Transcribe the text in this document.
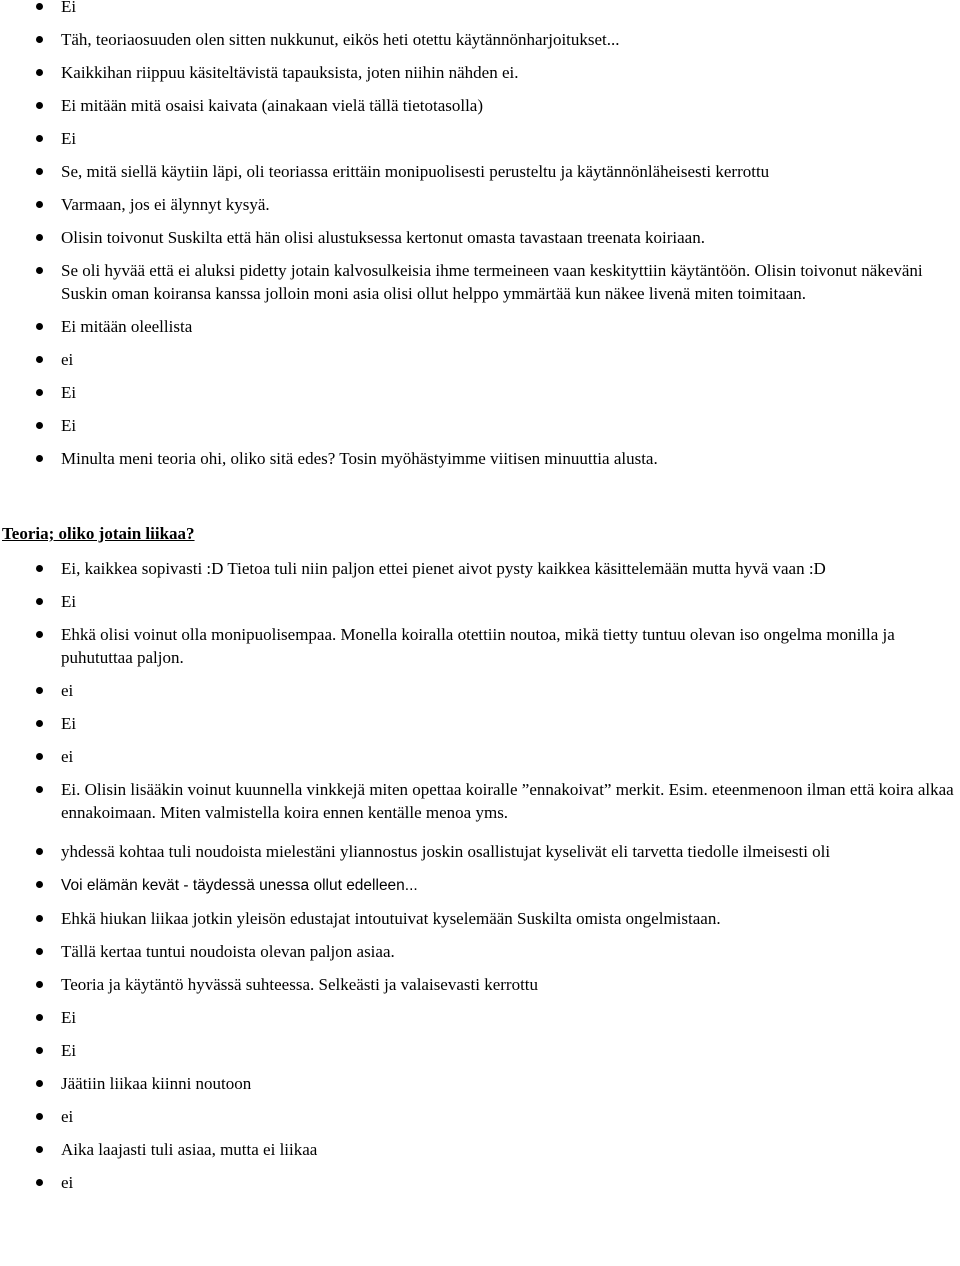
Ei
Täh, teoriaosuuden olen sitten nukkunut, eikös heti otettu käytännönharjoitukset...
Kaikkihan riippuu käsiteltävistä tapauksista, joten niihin nähden ei.
Ei mitään mitä osaisi kaivata (ainakaan vielä tällä tietotasolla)
Ei
Se, mitä siellä käytiin läpi, oli teoriassa erittäin monipuolisesti perusteltu ja käytännönläheisesti kerrottu
Varmaan, jos ei älynnyt kysyä.
Olisin toivonut Suskilta että hän olisi alustuksessa kertonut omasta tavastaan treenata koiriaan.
Se oli hyvää että ei aluksi pidetty jotain kalvosulkeisia ihme termeineen vaan keskityttiin käytäntöön. Olisin toivonut näkeväni Suskin oman koiransa kanssa jolloin moni asia olisi ollut helppo ymmärtää kun näkee livenä miten toimitaan.
Ei mitään oleellista
ei
Ei
Ei
Minulta meni teoria ohi, oliko sitä edes? Tosin myöhästyimme viitisen minuuttia alusta.

Teoria; oliko jotain liikaa?

Ei, kaikkea sopivasti :D Tietoa tuli niin paljon ettei pienet aivot pysty kaikkea käsittelemään mutta hyvä vaan :D
Ei
Ehkä olisi voinut olla monipuolisempaa. Monella koiralla otettiin noutoa, mikä tietty tuntuu olevan iso ongelma monilla ja puhututtaa paljon.
ei
Ei
ei
Ei. Olisin lisääkin voinut kuunnella vinkkejä miten opettaa koiralle ”ennakoivat” merkit. Esim. eteenmenoon ilman että koira alkaa ennakoimaan. Miten valmistella koira ennen kentälle menoa yms.
yhdessä kohtaa tuli noudoista mielestäni yliannostus joskin osallistujat kyselivät eli tarvetta tiedolle ilmeisesti oli
Voi elämän kevät - täydessä unessa ollut edelleen...
Ehkä hiukan liikaa jotkin yleisön edustajat intoutuivat kyselemään Suskilta omista ongelmistaan.
Tällä kertaa tuntui noudoista olevan paljon asiaa.
Teoria ja käytäntö hyvässä suhteessa. Selkeästi ja valaisevasti kerrottu
Ei
Ei
Jäätiin liikaa kiinni noutoon
ei
Aika laajasti tuli asiaa, mutta ei liikaa
ei
